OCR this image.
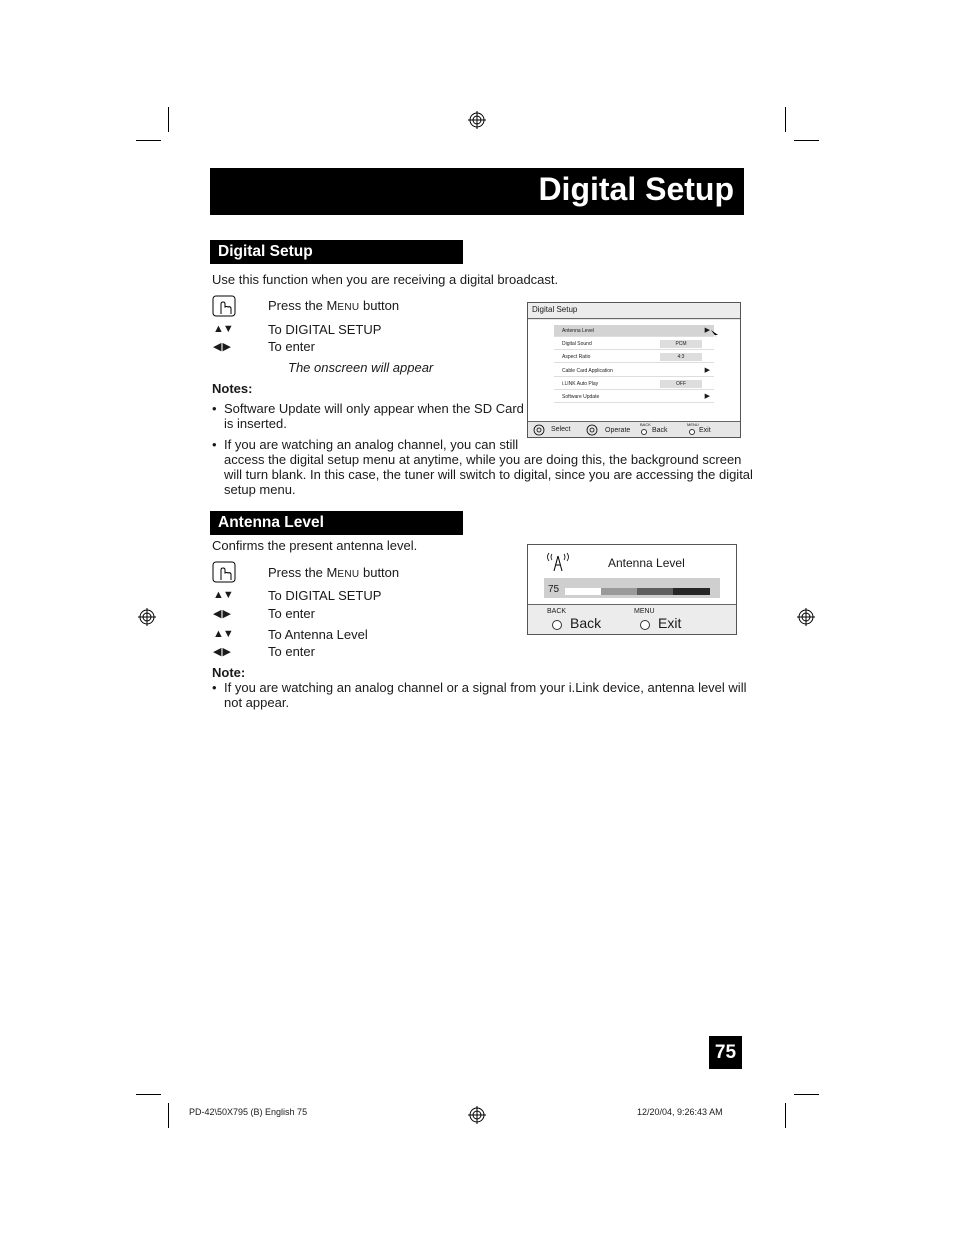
Digital Setup
Digital Setup
Use this function when you are receiving a digital broadcast.
Press the MENU button
▲▼	To DIGITAL SETUP
◀ ▶	To enter
The onscreen will appear
Notes:
• Software Update will only appear when the SD Card
is inserted.
• If you are watching an analog channel, you can still
access the digital setup menu at anytime, while you are doing this, the background screen
will turn blank. In this case, the tuner will switch to digital, since you are accessing the digital
setup menu.
Digital Setup
Antenna Level	▶
Digital Sound	PCM
Aspect Ratio	4:3
Cable Card Application	▶
i.LINK Auto Play	OFF
Software Update	▶
Select	Operate
BACK
Back
MENU
Exit
Antenna Level
Confirms the present antenna level.
Press the MENU button
▲▼	To DIGITAL SETUP
◀ ▶	To enter
▲▼	To Antenna Level
◀ ▶	To enter
Note:
• If you are watching an analog channel or a signal from your i.Link device, antenna level will
not appear.
Antenna Level
75
BACK
Back
MENU
Exit
75
PD-42\50X795 (B) English 75	12/20/04, 9:26:43 AM
